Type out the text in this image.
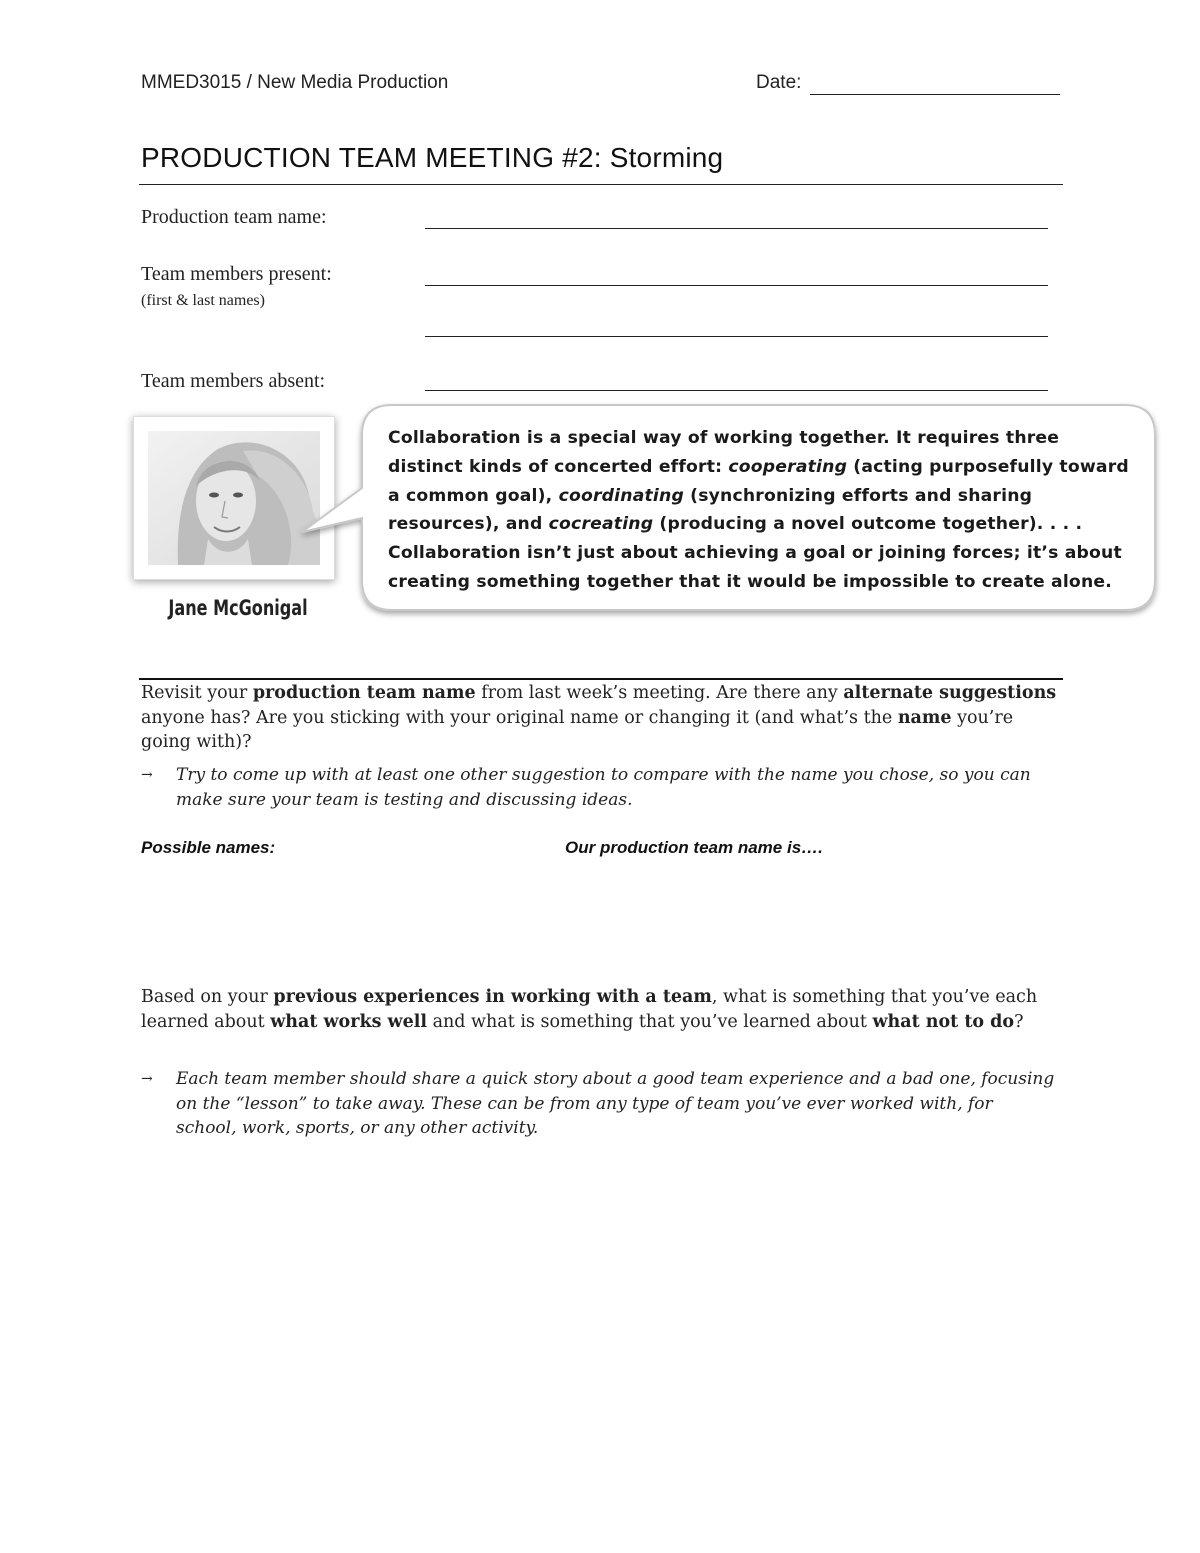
MMED3015 / New Media Production	Date:
PRODUCTION TEAM MEETING #2: Storming
Production team name:
Team members present:
(first & last names)
Team members absent:
Jane McGonigal
Collaboration is a special way of working together. It requires three distinct kinds of concerted effort: cooperating (acting purposefully toward a common goal), coordinating (synchronizing efforts and sharing resources), and cocreating (producing a novel outcome together). . . . Collaboration isn’t just about achieving a goal or joining forces; it’s about creating something together that it would be impossible to create alone.
Revisit your production team name from last week’s meeting. Are there any alternate suggestions anyone has? Are you sticking with your original name or changing it (and what’s the name you’re going with)?
→ Try to come up with at least one other suggestion to compare with the name you chose, so you can make sure your team is testing and discussing ideas.
Possible names:	Our production team name is….
Based on your previous experiences in working with a team, what is something that you’ve each learned about what works well and what is something that you’ve learned about what not to do?
→ Each team member should share a quick story about a good team experience and a bad one, focusing on the “lesson” to take away. These can be from any type of team you’ve ever worked with, for school, work, sports, or any other activity.
